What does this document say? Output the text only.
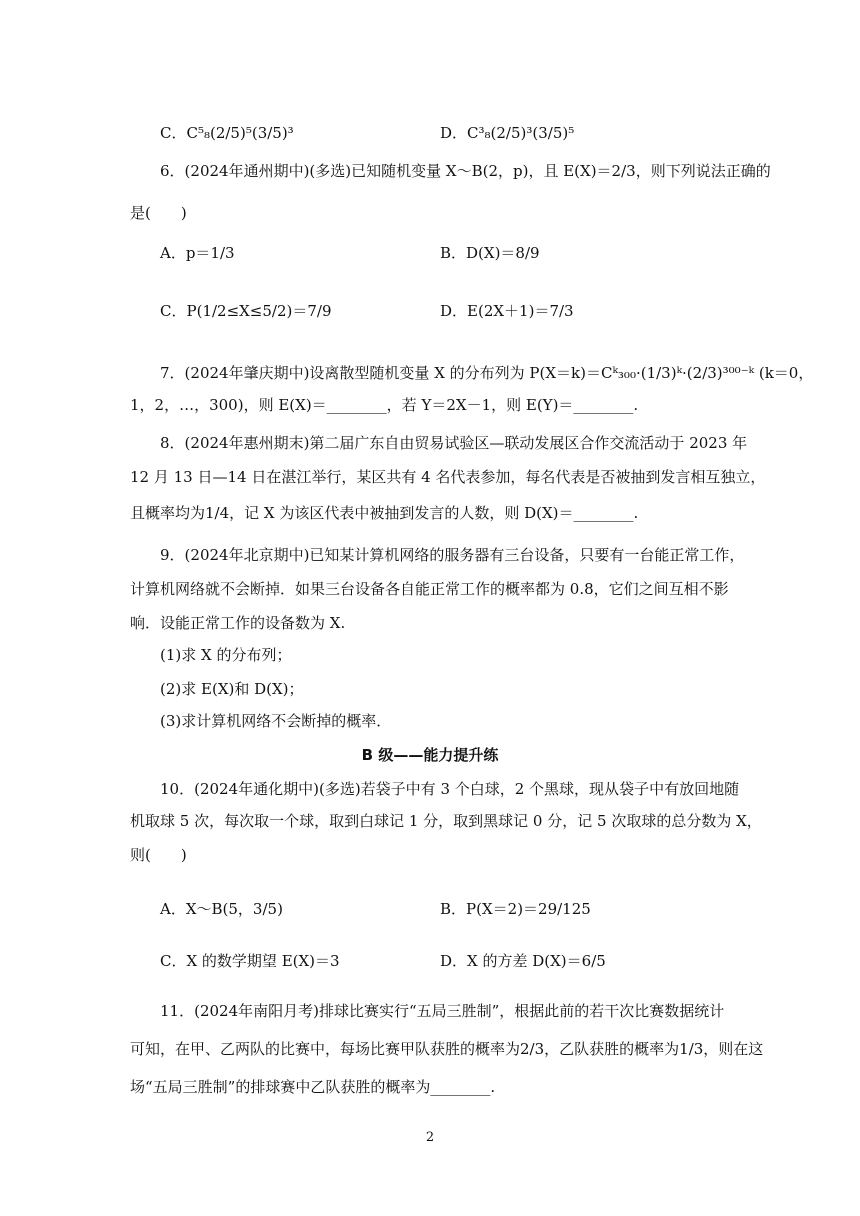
C．C⁵₈(2/5)⁵(3/5)³	D．C³₈(2/5)³(3/5)⁵
6．(2024年通州期中)(多选)已知随机变量 X～B(2，p)，且 E(X)＝2/3，则下列说法正确的
是(　　)
A．p＝1/3	B．D(X)＝8/9
C．P(1/2≤X≤5/2)＝7/9	D．E(2X＋1)＝7/3
7．(2024年肇庆期中)设离散型随机变量 X 的分布列为 P(X＝k)＝Cᵏ₃₀₀·(1/3)ᵏ·(2/3)³⁰⁰⁻ᵏ (k＝0，
1，2，…，300)，则 E(X)＝________，若 Y＝2X－1，则 E(Y)＝________.
8．(2024年惠州期末)第二届广东自由贸易试验区—联动发展区合作交流活动于 2023 年
12 月 13 日—14 日在湛江举行，某区共有 4 名代表参加，每名代表是否被抽到发言相互独立，
且概率均为1/4，记 X 为该区代表中被抽到发言的人数，则 D(X)＝________.
9．(2024年北京期中)已知某计算机网络的服务器有三台设备，只要有一台能正常工作，
计算机网络就不会断掉．如果三台设备各自能正常工作的概率都为 0.8，它们之间互相不影
响．设能正常工作的设备数为 X.
(1)求 X 的分布列；
(2)求 E(X)和 D(X)；
(3)求计算机网络不会断掉的概率．
B 级——能力提升练
10．(2024年通化期中)(多选)若袋子中有 3 个白球，2 个黑球，现从袋子中有放回地随
机取球 5 次，每次取一个球，取到白球记 1 分，取到黑球记 0 分，记 5 次取球的总分数为 X，
则(　　)
A．X～B(5，3/5)	B．P(X＝2)＝29/125
C．X 的数学期望 E(X)＝3	D．X 的方差 D(X)＝6/5
11．(2024年南阳月考)排球比赛实行“五局三胜制”，根据此前的若干次比赛数据统计
可知，在甲、乙两队的比赛中，每场比赛甲队获胜的概率为2/3，乙队获胜的概率为1/3，则在这
场“五局三胜制”的排球赛中乙队获胜的概率为________.
2
